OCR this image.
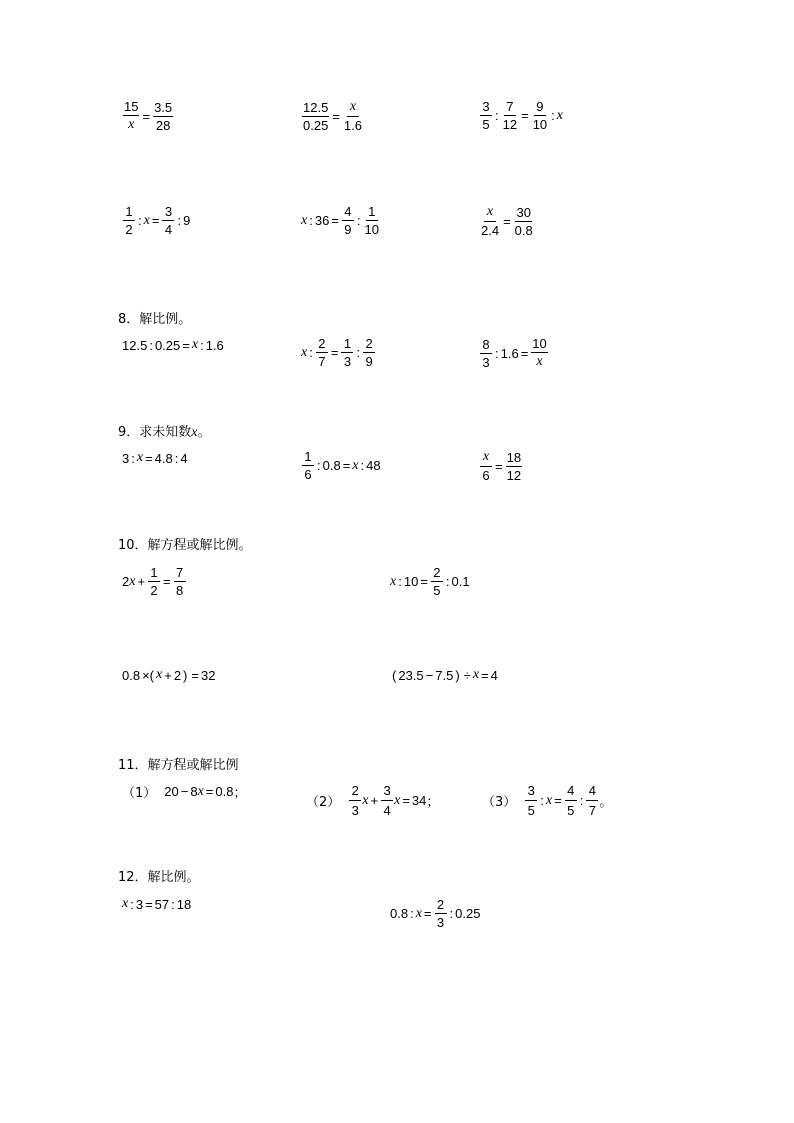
$\frac{15}{x} = \frac{3.5}{28}$	$\frac{12.5}{0.25} = \frac{x}{1.6}$	$\frac{3}{5}$ : $\frac{7}{12} = \frac{9}{10}$ : x
$\frac{1}{2}$ : $x = \frac{3}{4}$ : 9	x : $36 = \frac{4}{9}$ : $\frac{1}{10}$	$\frac{x}{2.4} = \frac{30}{0.8}$
8．解比例。
12.5 : 0.25 = x : 1.6	x : $\frac{2}{7} = \frac{1}{3}$ : $\frac{2}{9}$	$\frac{8}{3}$ : $1.6 = \frac{10}{x}$
9．求未知数x。
3 : x = 4.8 : 4	$\frac{1}{6}$ : 0.8 = x : 48	$\frac{x}{6} = \frac{18}{12}$
10．解方程或解比例。
2 $x + \frac{1}{2} = \frac{7}{8}$	x : $10 = \frac{2}{5}$ : 0.1
0.8 ×( x + 2 ) = 32	( 23.5 − 7.5 ) ÷ x = 4
11．解方程或解比例
（1） 20 − 8 x = 0.8 ；
$(2) \frac{2}{3}$ $x + \frac{3}{4}$ x = 34 ；	$(3) \frac{3}{5}$ : $x = \frac{4}{5}$ : $\frac{4}{7}$ 。
12．解比例。
x : 3 = 57 : 18
0.8 : $x = \frac{2}{3}$ : 0.25
